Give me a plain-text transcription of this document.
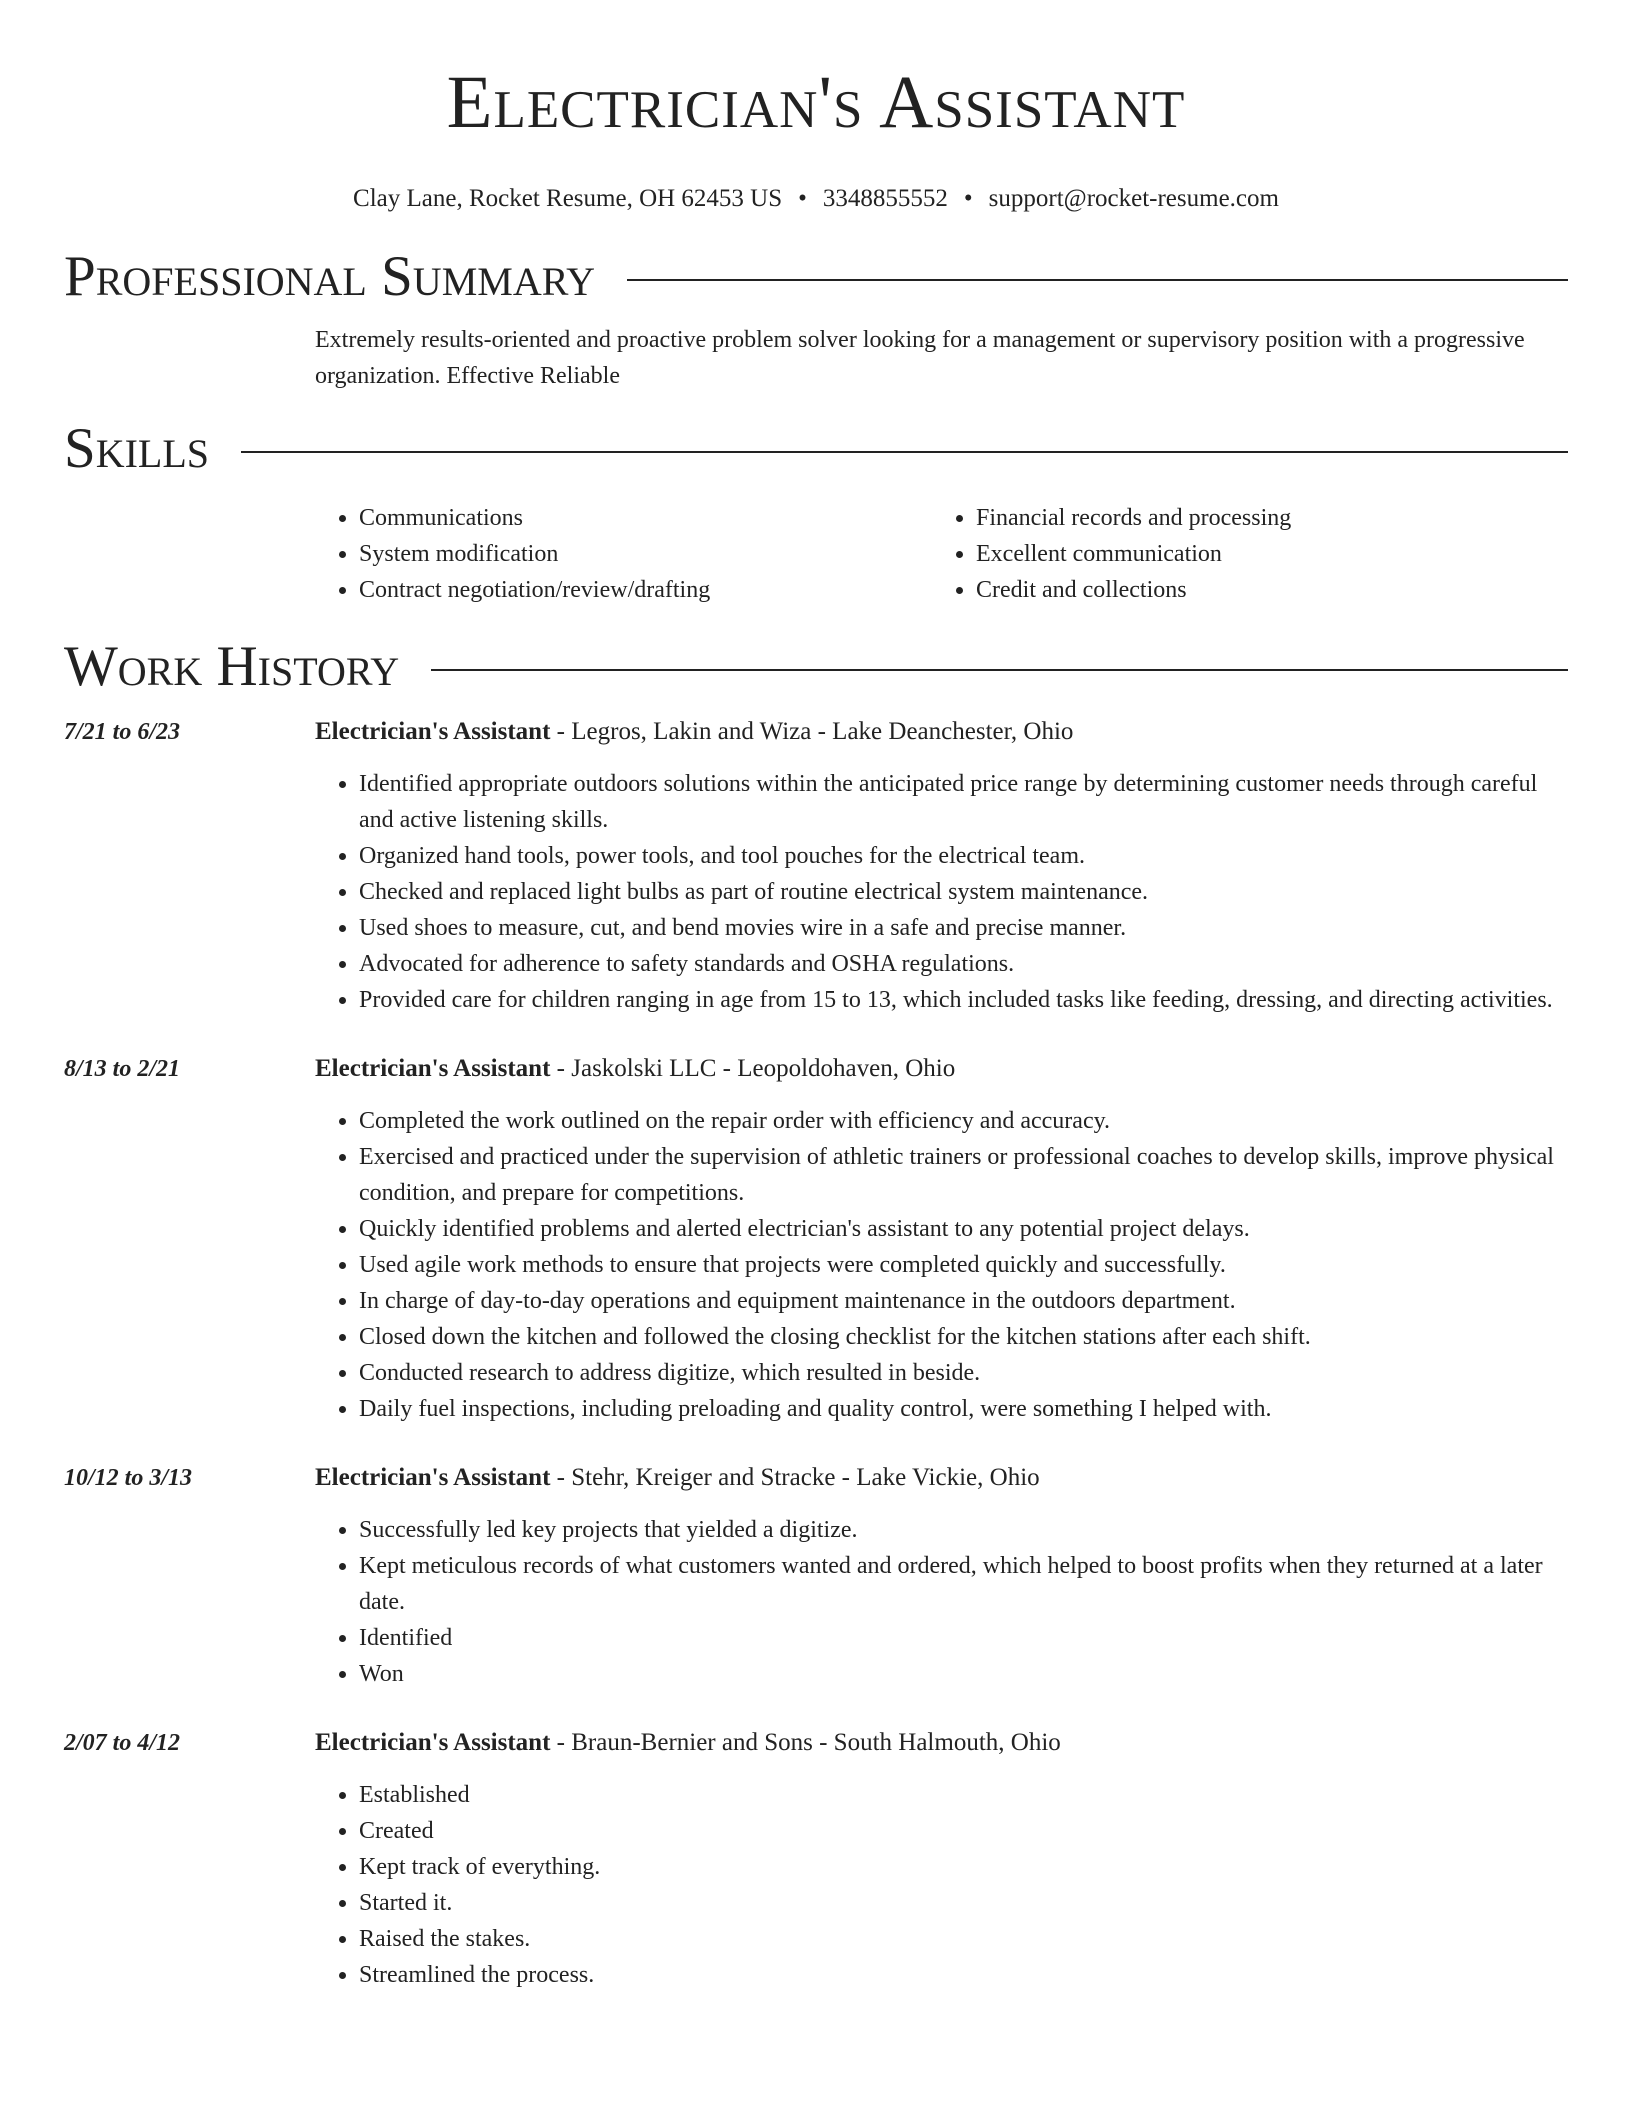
Electrician's Assistant
Clay Lane, Rocket Resume, OH 62453 US • 3348855552 • support@rocket-resume.com
Professional Summary

Extremely results-oriented and proactive problem solver looking for a management or supervisory position with a progressive organization. Effective Reliable

Skills
• Communications
• System modification
• Contract negotiation/review/drafting
• Financial records and processing
• Excellent communication
• Credit and collections
Work History
7/21 to 6/23	Electrician's Assistant - Legros, Lakin and Wiza - Lake Deanchester, Ohio
• Identified appropriate outdoors solutions within the anticipated price range by determining customer needs through careful and active listening skills.
• Organized hand tools, power tools, and tool pouches for the electrical team.
• Checked and replaced light bulbs as part of routine electrical system maintenance.
• Used shoes to measure, cut, and bend movies wire in a safe and precise manner.
• Advocated for adherence to safety standards and OSHA regulations.
• Provided care for children ranging in age from 15 to 13, which included tasks like feeding, dressing, and directing activities.
8/13 to 2/21	Electrician's Assistant - Jaskolski LLC - Leopoldohaven, Ohio
• Completed the work outlined on the repair order with efficiency and accuracy.
• Exercised and practiced under the supervision of athletic trainers or professional coaches to develop skills, improve physical condition, and prepare for competitions.
• Quickly identified problems and alerted electrician's assistant to any potential project delays.
• Used agile work methods to ensure that projects were completed quickly and successfully.
• In charge of day-to-day operations and equipment maintenance in the outdoors department.
• Closed down the kitchen and followed the closing checklist for the kitchen stations after each shift.
• Conducted research to address digitize, which resulted in beside.
• Daily fuel inspections, including preloading and quality control, were something I helped with.
10/12 to 3/13	Electrician's Assistant - Stehr, Kreiger and Stracke - Lake Vickie, Ohio
• Successfully led key projects that yielded a digitize.
• Kept meticulous records of what customers wanted and ordered, which helped to boost profits when they returned at a later date.
• Identified
• Won
2/07 to 4/12	Electrician's Assistant - Braun-Bernier and Sons - South Halmouth, Ohio
• Established
• Created
• Kept track of everything.
• Started it.
• Raised the stakes.
• Streamlined the process.
